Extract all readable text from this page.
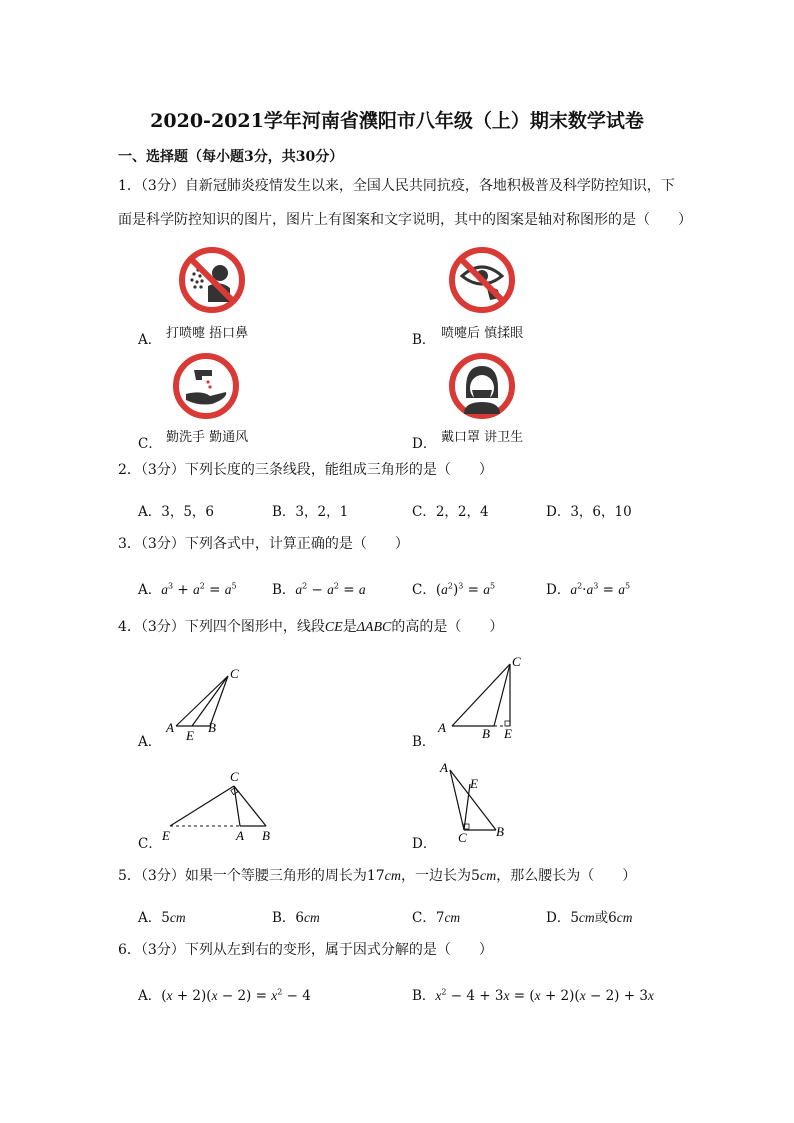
2020-2021学年河南省濮阳市八年级（上）期末数学试卷
一、选择题（每小题3分，共30分）
1．（3分）自新冠肺炎疫情发生以来，全国人民共同抗疫，各地积极普及科学防控知识，下
面是科学防控知识的图片，图片上有图案和文字说明，其中的图案是轴对称图形的是（　　）
A． 打喷嚏 捂口鼻	B． 喷嚏后 慎揉眼
C． 勤洗手 勤通风	D． 戴口罩 讲卫生
2．（3分）下列长度的三条线段，能组成三角形的是（　　）
A．3，5，6	B．3，2，1	C．2，2，4	D．3，6，10
3．（3分）下列各式中，计算正确的是（　　）
A．$a^3 + a^2 = a^5$	B．$a^2 - a^2 = a$	C．$(a^2)^3 = a^5$	D．$a^2\cdot a^3 = a^5$
4．（3分）下列四个图形中，线段CE是ΔABC的高的是（　　）
C
A
E
B
A．
C
A	B E
B．
C
E	A B
C．
A
E
C B
D．
5．（3分）如果一个等腰三角形的周长为17cm，一边长为5cm，那么腰长为（　　）
A．5cm	B．6cm	C．7cm	D．5cm或6cm
6．（3分）下列从左到右的变形，属于因式分解的是（　　）
A．$(x + 2)(x - 2) = x^2 - 4$	B．$x^2 - 4 + 3x = (x + 2)(x - 2) + 3x$
